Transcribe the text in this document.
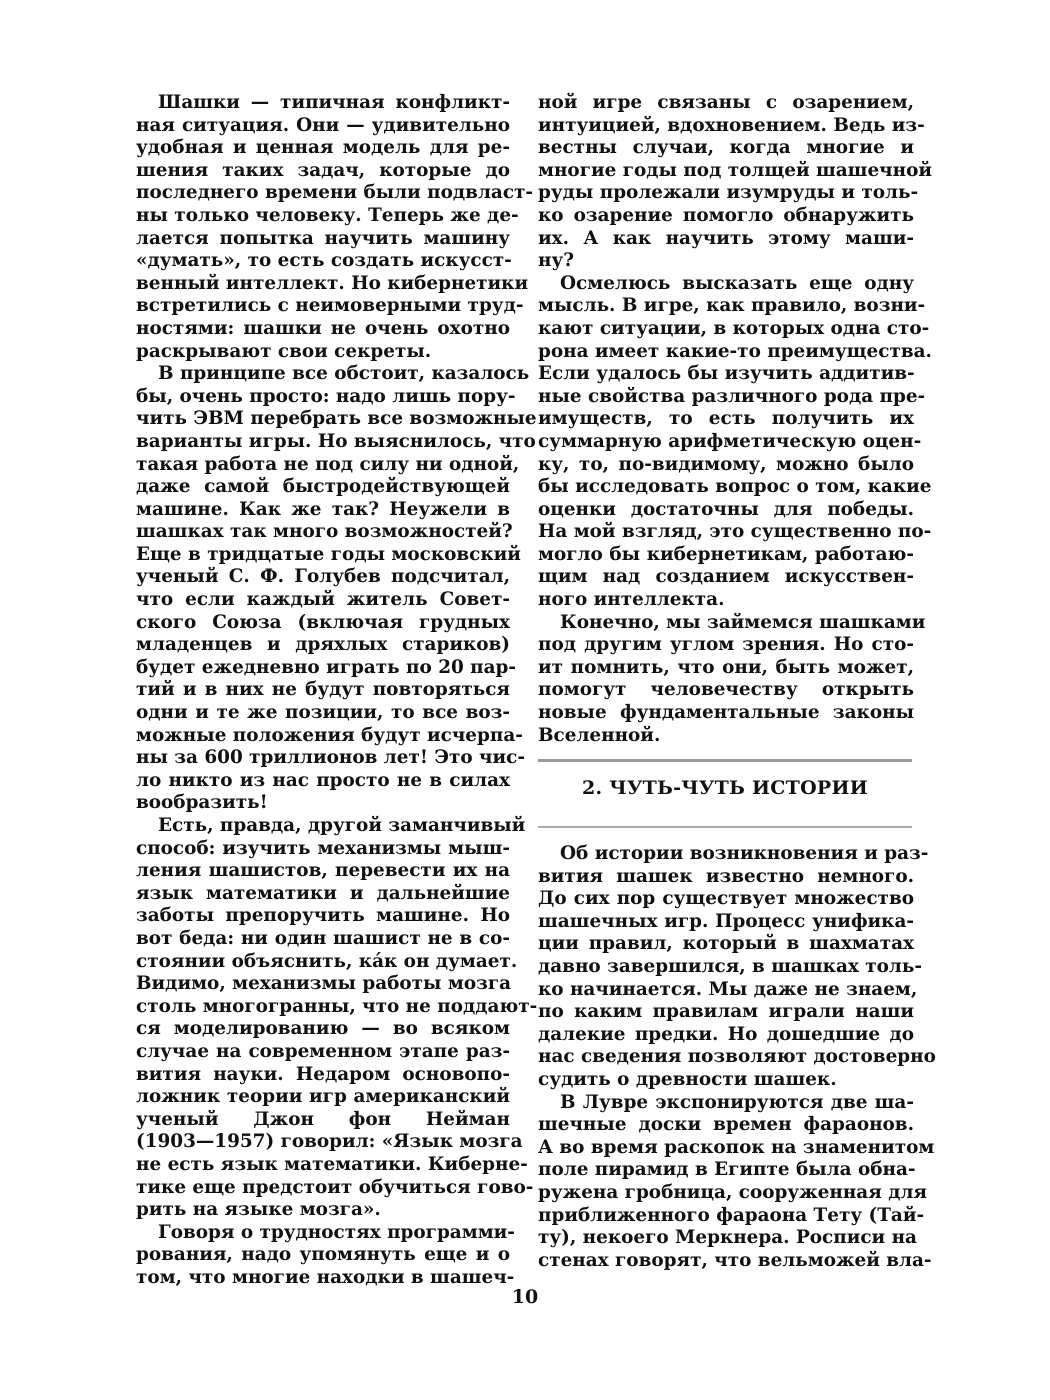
Шашки — типичная конфликт-
ная ситуация. Они — удивительно
удобная и ценная модель для ре-
шения таких задач, которые до
последнего времени были подвласт-
ны только человеку. Теперь же де-
лается попытка научить машину
«думать», то есть создать искусст-
венный интеллект. Но кибернетики
встретились с неимоверными труд-
ностями: шашки не очень охотно
раскрывают свои секреты.

В принципе все обстоит, казалось
бы, очень просто: надо лишь пору-
чить ЭВМ перебрать все возможные
варианты игры. Но выяснилось, что
такая работа не под силу ни одной,
даже самой быстродействующей
машине. Как же так? Неужели в
шашках так много возможностей?
Еще в тридцатые годы московский
ученый С. Ф. Голубев подсчитал,
что если каждый житель Совет-
ского Союза (включая грудных
младенцев и дряхлых стариков)
будет ежедневно играть по 20 пар-
тий и в них не будут повторяться
одни и те же позиции, то все воз-
можные положения будут исчерпа-
ны за 600 триллионов лет! Это чис-
ло никто из нас просто не в силах
вообразить!

Есть, правда, другой заманчивый
способ: изучить механизмы мыш-
ления шашистов, перевести их на
язык математики и дальнейшие
заботы препоручить машине. Но
вот беда: ни один шашист не в со-
стоянии объяснить, ка́к он думает.
Видимо, механизмы работы мозга
столь многогранны, что не поддают-
ся моделированию — во всяком
случае на современном этапе раз-
вития науки. Недаром основопо-
ложник теории игр американский
ученый Джон фон Нейман
(1903—1957) говорил: «Язык мозга
не есть язык математики. Киберне-
тике еще предстоит обучиться гово-
рить на языке мозга».

Говоря о трудностях программи-
рования, надо упомянуть еще и о
том, что многие находки в шашеч-

ной игре связаны с озарением,
интуицией, вдохновением. Ведь из-
вестны случаи, когда многие и
многие годы под толщей шашечной
руды пролежали изумруды и толь-
ко озарение помогло обнаружить
их. А как научить этому маши-
ну?

Осмелюсь высказать еще одну
мысль. В игре, как правило, возни-
кают ситуации, в которых одна сто-
рона имеет какие-то преимущества.
Если удалось бы изучить аддитив-
ные свойства различного рода пре-
имуществ, то есть получить их
суммарную арифметическую оцен-
ку, то, по-видимому, можно было
бы исследовать вопрос о том, какие
оценки достаточны для победы.
На мой взгляд, это существенно по-
могло бы кибернетикам, работаю-
щим над созданием искусствен-
ного интеллекта.

Конечно, мы займемся шашками
под другим углом зрения. Но сто-
ит помнить, что они, быть может,
помогут человечеству открыть
новые фундаментальные законы
Вселенной.

2. ЧУТЬ-ЧУТЬ ИСТОРИИ

Об истории возникновения и раз-
вития шашек известно немного.
До сих пор существует множество
шашечных игр. Процесс унифика-
ции правил, который в шахматах
давно завершился, в шашках толь-
ко начинается. Мы даже не знаем,
по каким правилам играли наши
далекие предки. Но дошедшие до
нас сведения позволяют достоверно
судить о древности шашек.

В Лувре экспонируются две ша-
шечные доски времен фараонов.
А во время раскопок на знаменитом
поле пирамид в Египте была обна-
ружена гробница, сооруженная для
приближенного фараона Тету (Тай-
ту), некоего Меркнера. Росписи на
стенах говорят, что вельможей вла-

10
